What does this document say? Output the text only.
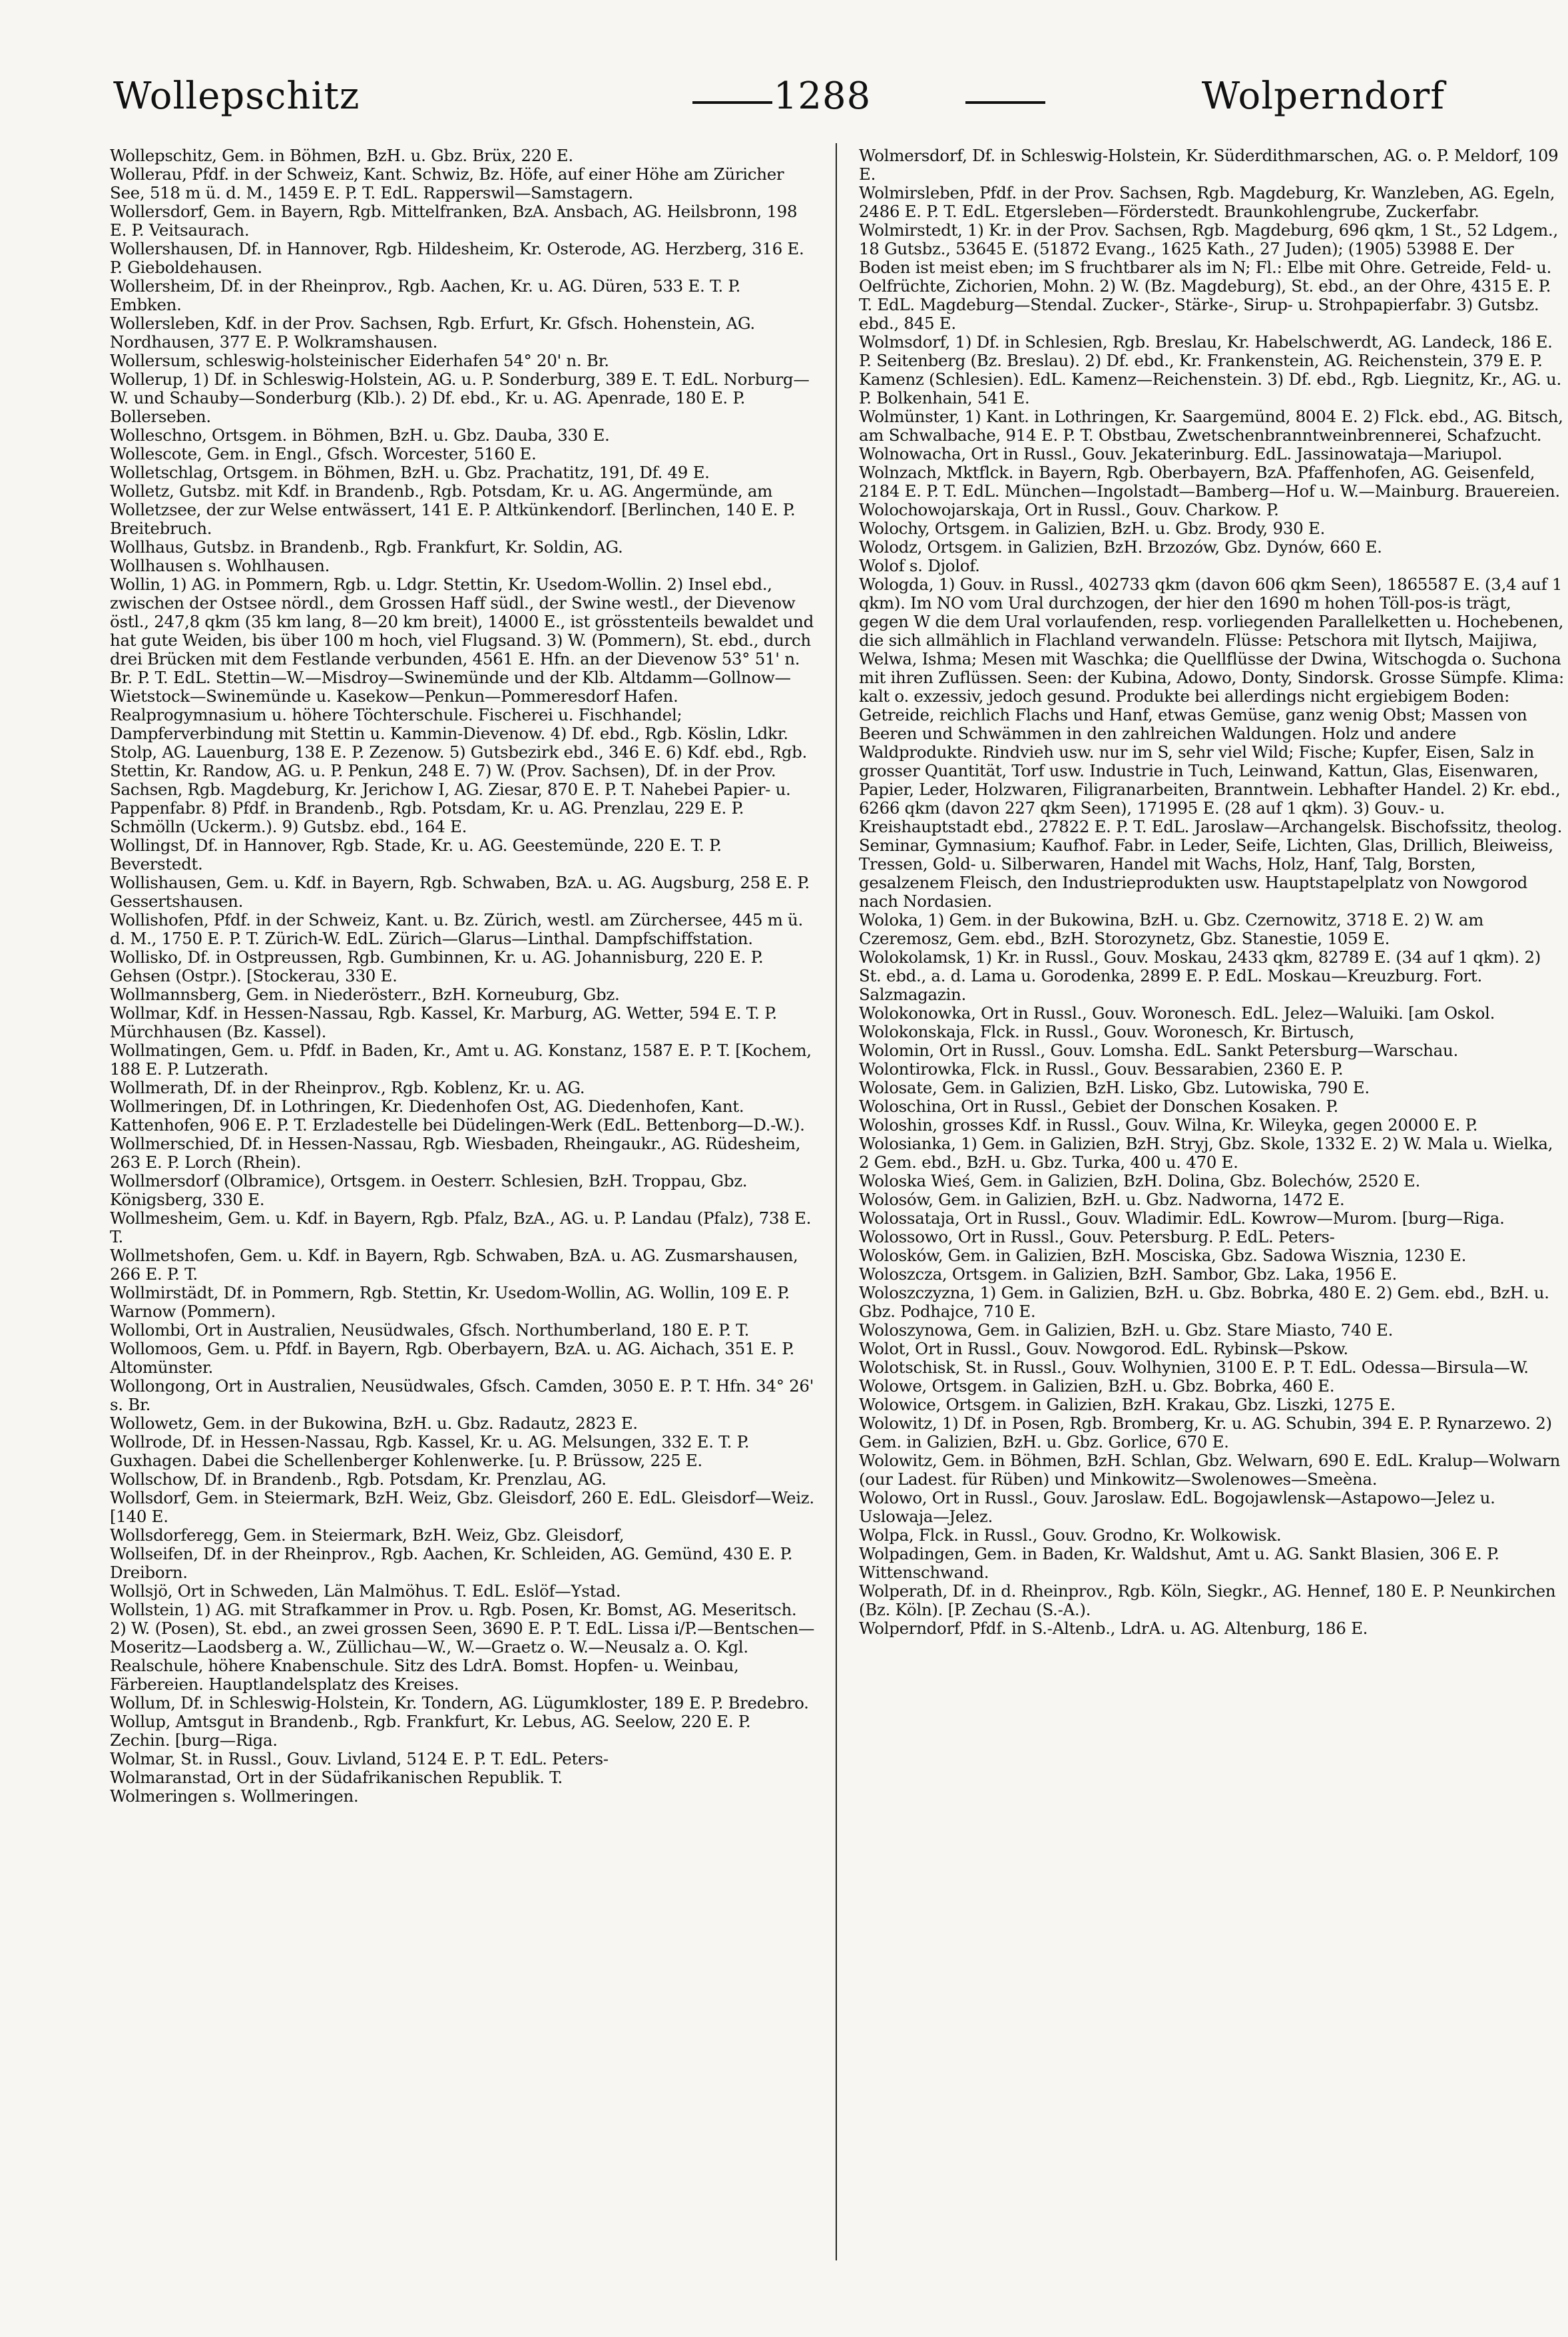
Wollepschitz	1288	Wolperndorf

Wollepschitz, Gem. in Böhmen, BzH. u. Gbz. Brüx, 220 E.

Wollerau, Pfdf. in der Schweiz, Kant. Schwiz, Bz. Höfe, auf einer Höhe am Züricher See, 518 m ü. d. M., 1459 E. P. T. EdL. Rapperswil—Samstagern.

Wollersdorf, Gem. in Bayern, Rgb. Mittelfranken, BzA. Ansbach, AG. Heilsbronn, 198 E. P. Veitsaurach.

Wollershausen, Df. in Hannover, Rgb. Hildesheim, Kr. Osterode, AG. Herzberg, 316 E. P. Gieboldehausen.

Wollersheim, Df. in der Rheinprov., Rgb. Aachen, Kr. u. AG. Düren, 533 E. T. P. Embken.

Wollersleben, Kdf. in der Prov. Sachsen, Rgb. Erfurt, Kr. Gfsch. Hohenstein, AG. Nordhausen, 377 E. P. Wolkramshausen.

Wollersum, schleswig-holsteinischer Eiderhafen 54° 20' n. Br.

Wollerup, 1) Df. in Schleswig-Holstein, AG. u. P. Sonderburg, 389 E. T. EdL. Norburg—W. und Schauby—Sonderburg (Klb.). 2) Df. ebd., Kr. u. AG. Apenrade, 180 E. P. Bollerseben.

Wolleschno, Ortsgem. in Böhmen, BzH. u. Gbz. Dauba, 330 E.

Wollescote, Gem. in Engl., Gfsch. Worcester, 5160 E.

Wolletschlag, Ortsgem. in Böhmen, BzH. u. Gbz. Prachatitz, 191, Df. 49 E.

Wolletz, Gutsbz. mit Kdf. in Brandenb., Rgb. Potsdam, Kr. u. AG. Angermünde, am Wolletzsee, der zur Welse entwässert, 141 E. P. Altkünkendorf. [Berlinchen, 140 E. P. Breitebruch.

Wollhaus, Gutsbz. in Brandenb., Rgb. Frankfurt, Kr. Soldin, AG.

Wollhausen s. Wohlhausen.

Wollin, 1) AG. in Pommern, Rgb. u. Ldgr. Stettin, Kr. Usedom-Wollin. 2) Insel ebd., zwischen der Ostsee nördl., dem Grossen Haff südl., der Swine westl., der Dievenow östl., 247,8 qkm (35 km lang, 8—20 km breit), 14000 E., ist grösstenteils bewaldet und hat gute Weiden, bis über 100 m hoch, viel Flugsand. 3) W. (Pommern), St. ebd., durch drei Brücken mit dem Festlande verbunden, 4561 E. Hfn. an der Dievenow 53° 51' n. Br. P. T. EdL. Stettin—W.—Misdroy—Swinemünde und der Klb. Altdamm—Gollnow—Wietstock—Swinemünde u. Kasekow—Penkun—Pommeresdorf Hafen. Realprogymnasium u. höhere Töchterschule. Fischerei u. Fischhandel; Dampferverbindung mit Stettin u. Kammin-Dievenow. 4) Df. ebd., Rgb. Köslin, Ldkr. Stolp, AG. Lauenburg, 138 E. P. Zezenow. 5) Gutsbezirk ebd., 346 E. 6) Kdf. ebd., Rgb. Stettin, Kr. Randow, AG. u. P. Penkun, 248 E. 7) W. (Prov. Sachsen), Df. in der Prov. Sachsen, Rgb. Magdeburg, Kr. Jerichow I, AG. Ziesar, 870 E. P. T. Nahebei Papier- u. Pappenfabr. 8) Pfdf. in Brandenb., Rgb. Potsdam, Kr. u. AG. Prenzlau, 229 E. P. Schmölln (Uckerm.). 9) Gutsbz. ebd., 164 E.

Wollingst, Df. in Hannover, Rgb. Stade, Kr. u. AG. Geestemünde, 220 E. T. P. Beverstedt.

Wollishausen, Gem. u. Kdf. in Bayern, Rgb. Schwaben, BzA. u. AG. Augsburg, 258 E. P. Gessertshausen.

Wollishofen, Pfdf. in der Schweiz, Kant. u. Bz. Zürich, westl. am Zürchersee, 445 m ü. d. M., 1750 E. P. T. Zürich-W. EdL. Zürich—Glarus—Linthal. Dampfschiffstation.

Wollisko, Df. in Ostpreussen, Rgb. Gumbinnen, Kr. u. AG. Johannisburg, 220 E. P. Gehsen (Ostpr.). [Stockerau, 330 E.

Wollmannsberg, Gem. in Niederösterr., BzH. Korneuburg, Gbz.

Wollmar, Kdf. in Hessen-Nassau, Rgb. Kassel, Kr. Marburg, AG. Wetter, 594 E. T. P. Mürchhausen (Bz. Kassel).

Wollmatingen, Gem. u. Pfdf. in Baden, Kr., Amt u. AG. Konstanz, 1587 E. P. T. [Kochem, 188 E. P. Lutzerath.

Wollmerath, Df. in der Rheinprov., Rgb. Koblenz, Kr. u. AG.

Wollmeringen, Df. in Lothringen, Kr. Diedenhofen Ost, AG. Diedenhofen, Kant. Kattenhofen, 906 E. P. T. Erzladestelle bei Düdelingen-Werk (EdL. Bettenborg—D.-W.).

Wollmerschied, Df. in Hessen-Nassau, Rgb. Wiesbaden, Rheingaukr., AG. Rüdesheim, 263 E. P. Lorch (Rhein).

Wollmersdorf (Olbramice), Ortsgem. in Oesterr. Schlesien, BzH. Troppau, Gbz. Königsberg, 330 E.

Wollmesheim, Gem. u. Kdf. in Bayern, Rgb. Pfalz, BzA., AG. u. P. Landau (Pfalz), 738 E. T.

Wollmetshofen, Gem. u. Kdf. in Bayern, Rgb. Schwaben, BzA. u. AG. Zusmarshausen, 266 E. P. T.

Wollmirstädt, Df. in Pommern, Rgb. Stettin, Kr. Usedom-Wollin, AG. Wollin, 109 E. P. Warnow (Pommern).

Wollombi, Ort in Australien, Neusüdwales, Gfsch. Northumberland, 180 E. P. T.

Wollomoos, Gem. u. Pfdf. in Bayern, Rgb. Oberbayern, BzA. u. AG. Aichach, 351 E. P. Altomünster.

Wollongong, Ort in Australien, Neusüdwales, Gfsch. Camden, 3050 E. P. T. Hfn. 34° 26' s. Br.

Wollowetz, Gem. in der Bukowina, BzH. u. Gbz. Radautz, 2823 E.

Wollrode, Df. in Hessen-Nassau, Rgb. Kassel, Kr. u. AG. Melsungen, 332 E. T. P. Guxhagen. Dabei die Schellenberger Kohlenwerke. [u. P. Brüssow, 225 E.

Wollschow, Df. in Brandenb., Rgb. Potsdam, Kr. Prenzlau, AG.

Wollsdorf, Gem. in Steiermark, BzH. Weiz, Gbz. Gleisdorf, 260 E. EdL. Gleisdorf—Weiz. [140 E.

Wollsdorferegg, Gem. in Steiermark, BzH. Weiz, Gbz. Gleisdorf,

Wollseifen, Df. in der Rheinprov., Rgb. Aachen, Kr. Schleiden, AG. Gemünd, 430 E. P. Dreiborn.

Wollsjö, Ort in Schweden, Län Malmöhus. T. EdL. Eslöf—Ystad.

Wollstein, 1) AG. mit Strafkammer in Prov. u. Rgb. Posen, Kr. Bomst, AG. Meseritsch. 2) W. (Posen), St. ebd., an zwei grossen Seen, 3690 E. P. T. EdL. Lissa i/P.—Bentschen—Moseritz—Laodsberg a. W., Züllichau—W., W.—Graetz o. W.—Neusalz a. O. Kgl. Realschule, höhere Knabenschule. Sitz des LdrA. Bomst. Hopfen- u. Weinbau, Färbereien. Hauptlandelsplatz des Kreises.

Wollum, Df. in Schleswig-Holstein, Kr. Tondern, AG. Lügumkloster, 189 E. P. Bredebro.

Wollup, Amtsgut in Brandenb., Rgb. Frankfurt, Kr. Lebus, AG. Seelow, 220 E. P. Zechin. [burg—Riga.

Wolmar, St. in Russl., Gouv. Livland, 5124 E. P. T. EdL. Peters-

Wolmaranstad, Ort in der Südafrikanischen Republik. T.

Wolmeringen s. Wollmeringen.

Wolmersdorf, Df. in Schleswig-Holstein, Kr. Süderdithmarschen, AG. o. P. Meldorf, 109 E.

Wolmirsleben, Pfdf. in der Prov. Sachsen, Rgb. Magdeburg, Kr. Wanzleben, AG. Egeln, 2486 E. P. T. EdL. Etgersleben—Förderstedt. Braunkohlengrube, Zuckerfabr.

Wolmirstedt, 1) Kr. in der Prov. Sachsen, Rgb. Magdeburg, 696 qkm, 1 St., 52 Ldgem., 18 Gutsbz., 53645 E. (51872 Evang., 1625 Kath., 27 Juden); (1905) 53988 E. Der Boden ist meist eben; im S fruchtbarer als im N; Fl.: Elbe mit Ohre. Getreide, Feld- u. Oelfrüchte, Zichorien, Mohn. 2) W. (Bz. Magdeburg), St. ebd., an der Ohre, 4315 E. P. T. EdL. Magdeburg—Stendal. Zucker-, Stärke-, Sirup- u. Strohpapierfabr. 3) Gutsbz. ebd., 845 E.

Wolmsdorf, 1) Df. in Schlesien, Rgb. Breslau, Kr. Habelschwerdt, AG. Landeck, 186 E. P. Seitenberg (Bz. Breslau). 2) Df. ebd., Kr. Frankenstein, AG. Reichenstein, 379 E. P. Kamenz (Schlesien). EdL. Kamenz—Reichenstein. 3) Df. ebd., Rgb. Liegnitz, Kr., AG. u. P. Bolkenhain, 541 E.

Wolmünster, 1) Kant. in Lothringen, Kr. Saargemünd, 8004 E. 2) Flck. ebd., AG. Bitsch, am Schwalbache, 914 E. P. T. Obstbau, Zwetschenbranntweinbrennerei, Schafzucht.

Wolnowacha, Ort in Russl., Gouv. Jekaterinburg. EdL. Jassinowataja—Mariupol.

Wolnzach, Mktflck. in Bayern, Rgb. Oberbayern, BzA. Pfaffenhofen, AG. Geisenfeld, 2184 E. P. T. EdL. München—Ingolstadt—Bamberg—Hof u. W.—Mainburg. Brauereien.

Wolochowojarskaja, Ort in Russl., Gouv. Charkow. P.

Wolochy, Ortsgem. in Galizien, BzH. u. Gbz. Brody, 930 E.

Wolodz, Ortsgem. in Galizien, BzH. Brzozów, Gbz. Dynów, 660 E.

Wolof s. Djolof.

Wologda, 1) Gouv. in Russl., 402733 qkm (davon 606 qkm Seen), 1865587 E. (3,4 auf 1 qkm). Im NO vom Ural durchzogen, der hier den 1690 m hohen Töll-pos-is trägt, gegen W die dem Ural vorlaufenden, resp. vorliegenden Parallelketten u. Hochebenen, die sich allmählich in Flachland verwandeln. Flüsse: Petschora mit Ilytsch, Maijiwa, Welwa, Ishma; Mesen mit Waschka; die Quellflüsse der Dwina, Witschogda o. Suchona mit ihren Zuflüssen. Seen: der Kubina, Adowo, Donty, Sindorsk. Grosse Sümpfe. Klima: kalt o. exzessiv, jedoch gesund. Produkte bei allerdings nicht ergiebigem Boden: Getreide, reichlich Flachs und Hanf, etwas Gemüse, ganz wenig Obst; Massen von Beeren und Schwämmen in den zahlreichen Waldungen. Holz und andere Waldprodukte. Rindvieh usw. nur im S, sehr viel Wild; Fische; Kupfer, Eisen, Salz in grosser Quantität, Torf usw. Industrie in Tuch, Leinwand, Kattun, Glas, Eisenwaren, Papier, Leder, Holzwaren, Filigranarbeiten, Branntwein. Lebhafter Handel. 2) Kr. ebd., 6266 qkm (davon 227 qkm Seen), 171995 E. (28 auf 1 qkm). 3) Gouv.- u. Kreishauptstadt ebd., 27822 E. P. T. EdL. Jaroslaw—Archangelsk. Bischofssitz, theolog. Seminar, Gymnasium; Kaufhof. Fabr. in Leder, Seife, Lichten, Glas, Drillich, Bleiweiss, Tressen, Gold- u. Silberwaren, Handel mit Wachs, Holz, Hanf, Talg, Borsten, gesalzenem Fleisch, den Industrieprodukten usw. Hauptstapelplatz von Nowgorod nach Nordasien.

Woloka, 1) Gem. in der Bukowina, BzH. u. Gbz. Czernowitz, 3718 E. 2) W. am Czeremosz, Gem. ebd., BzH. Storozynetz, Gbz. Stanestie, 1059 E.

Wolokolamsk, 1) Kr. in Russl., Gouv. Moskau, 2433 qkm, 82789 E. (34 auf 1 qkm). 2) St. ebd., a. d. Lama u. Gorodenka, 2899 E. P. EdL. Moskau—Kreuzburg. Fort. Salzmagazin.

Wolokonowka, Ort in Russl., Gouv. Woronesch. EdL. Jelez—Waluiki. [am Oskol.

Wolokonskaja, Flck. in Russl., Gouv. Woronesch, Kr. Birtusch,

Wolomin, Ort in Russl., Gouv. Lomsha. EdL. Sankt Petersburg—Warschau.

Wolontirowka, Flck. in Russl., Gouv. Bessarabien, 2360 E. P.

Wolosate, Gem. in Galizien, BzH. Lisko, Gbz. Lutowiska, 790 E.

Woloschina, Ort in Russl., Gebiet der Donschen Kosaken. P.

Woloshin, grosses Kdf. in Russl., Gouv. Wilna, Kr. Wileyka, gegen 20000 E. P.

Wolosianka, 1) Gem. in Galizien, BzH. Stryj, Gbz. Skole, 1332 E. 2) W. Mala u. Wielka, 2 Gem. ebd., BzH. u. Gbz. Turka, 400 u. 470 E.

Woloska Wieś, Gem. in Galizien, BzH. Dolina, Gbz. Bolechów, 2520 E.

Wolosów, Gem. in Galizien, BzH. u. Gbz. Nadworna, 1472 E.

Wolossataja, Ort in Russl., Gouv. Wladimir. EdL. Kowrow—Murom. [burg—Riga.

Wolossowo, Ort in Russl., Gouv. Petersburg. P. EdL. Peters-

Wolosków, Gem. in Galizien, BzH. Mosciska, Gbz. Sadowa Wisznia, 1230 E.

Woloszcza, Ortsgem. in Galizien, BzH. Sambor, Gbz. Laka, 1956 E.

Woloszczyzna, 1) Gem. in Galizien, BzH. u. Gbz. Bobrka, 480 E. 2) Gem. ebd., BzH. u. Gbz. Podhajce, 710 E.

Woloszynowa, Gem. in Galizien, BzH. u. Gbz. Stare Miasto, 740 E.

Wolot, Ort in Russl., Gouv. Nowgorod. EdL. Rybinsk—Pskow.

Wolotschisk, St. in Russl., Gouv. Wolhynien, 3100 E. P. T. EdL. Odessa—Birsula—W.

Wolowe, Ortsgem. in Galizien, BzH. u. Gbz. Bobrka, 460 E.

Wolowice, Ortsgem. in Galizien, BzH. Krakau, Gbz. Liszki, 1275 E.

Wolowitz, 1) Df. in Posen, Rgb. Bromberg, Kr. u. AG. Schubin, 394 E. P. Rynarzewo. 2) Gem. in Galizien, BzH. u. Gbz. Gorlice, 670 E.

Wolowitz, Gem. in Böhmen, BzH. Schlan, Gbz. Welwarn, 690 E. EdL. Kralup—Wolwarn (our Ladest. für Rüben) und Minkowitz—Swolenowes—Smeèna.

Wolowo, Ort in Russl., Gouv. Jaroslaw. EdL. Bogojawlensk—Astapowo—Jelez u. Uslowaja—Jelez.

Wolpa, Flck. in Russl., Gouv. Grodno, Kr. Wolkowisk.

Wolpadingen, Gem. in Baden, Kr. Waldshut, Amt u. AG. Sankt Blasien, 306 E. P. Wittenschwand.

Wolperath, Df. in d. Rheinprov., Rgb. Köln, Siegkr., AG. Hennef, 180 E. P. Neunkirchen (Bz. Köln). [P. Zechau (S.-A.).

Wolperndorf, Pfdf. in S.-Altenb., LdrA. u. AG. Altenburg, 186 E.
